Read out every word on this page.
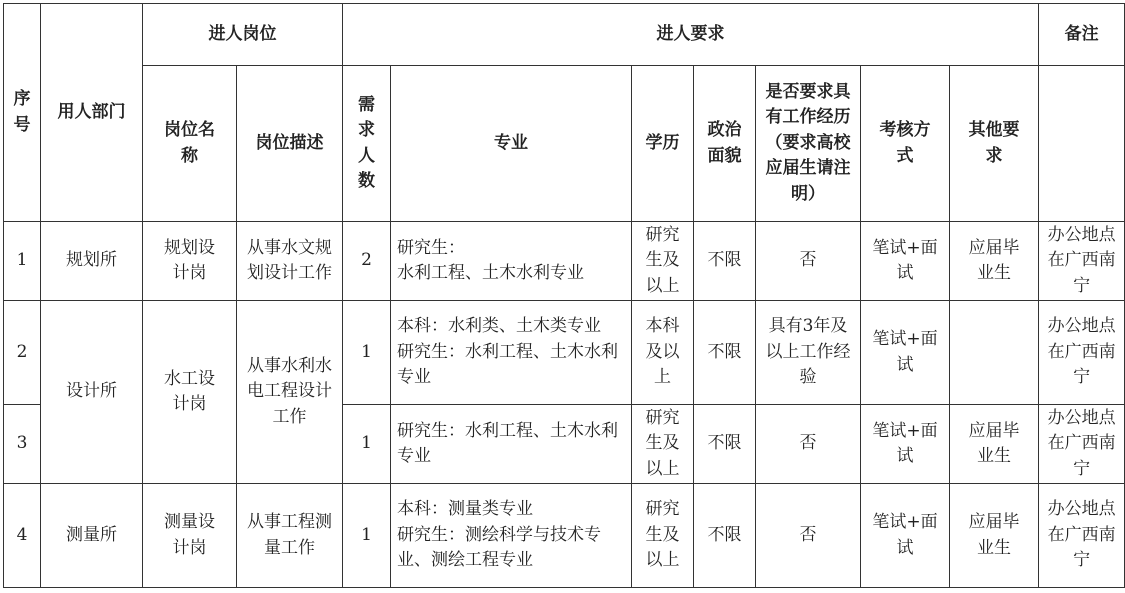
序号	用人部门	进人岗位		进人要求							备注
		岗位名称	岗位描述	需求人数	专业	学历	政治面貌	是否要求具有工作经历（要求高校应届生请注明）	考核方式	其他要求	
1	规划所	规划设计岗	从事水文规划设计工作	2	研究生：
水利工程、土木水利专业	研究生及以上	不限	否	笔试+面试	应届毕业生	办公地点在广西南宁
2	设计所	水工设计岗	从事水利水电工程设计工作	1	本科：水利类、土木类专业
研究生：水利工程、土木水利专业	本科及以上	不限	具有3年及以上工作经验	笔试+面试		办公地点在广西南宁
3				1	研究生：水利工程、土木水利专业	研究生及以上	不限	否	笔试+面试	应届毕业生	办公地点在广西南宁
4	测量所	测量设计岗	从事工程测量工作	1	本科：测量类专业
研究生：测绘科学与技术专业、测绘工程专业	研究生及以上	不限	否	笔试+面试	应届毕业生	办公地点在广西南宁
